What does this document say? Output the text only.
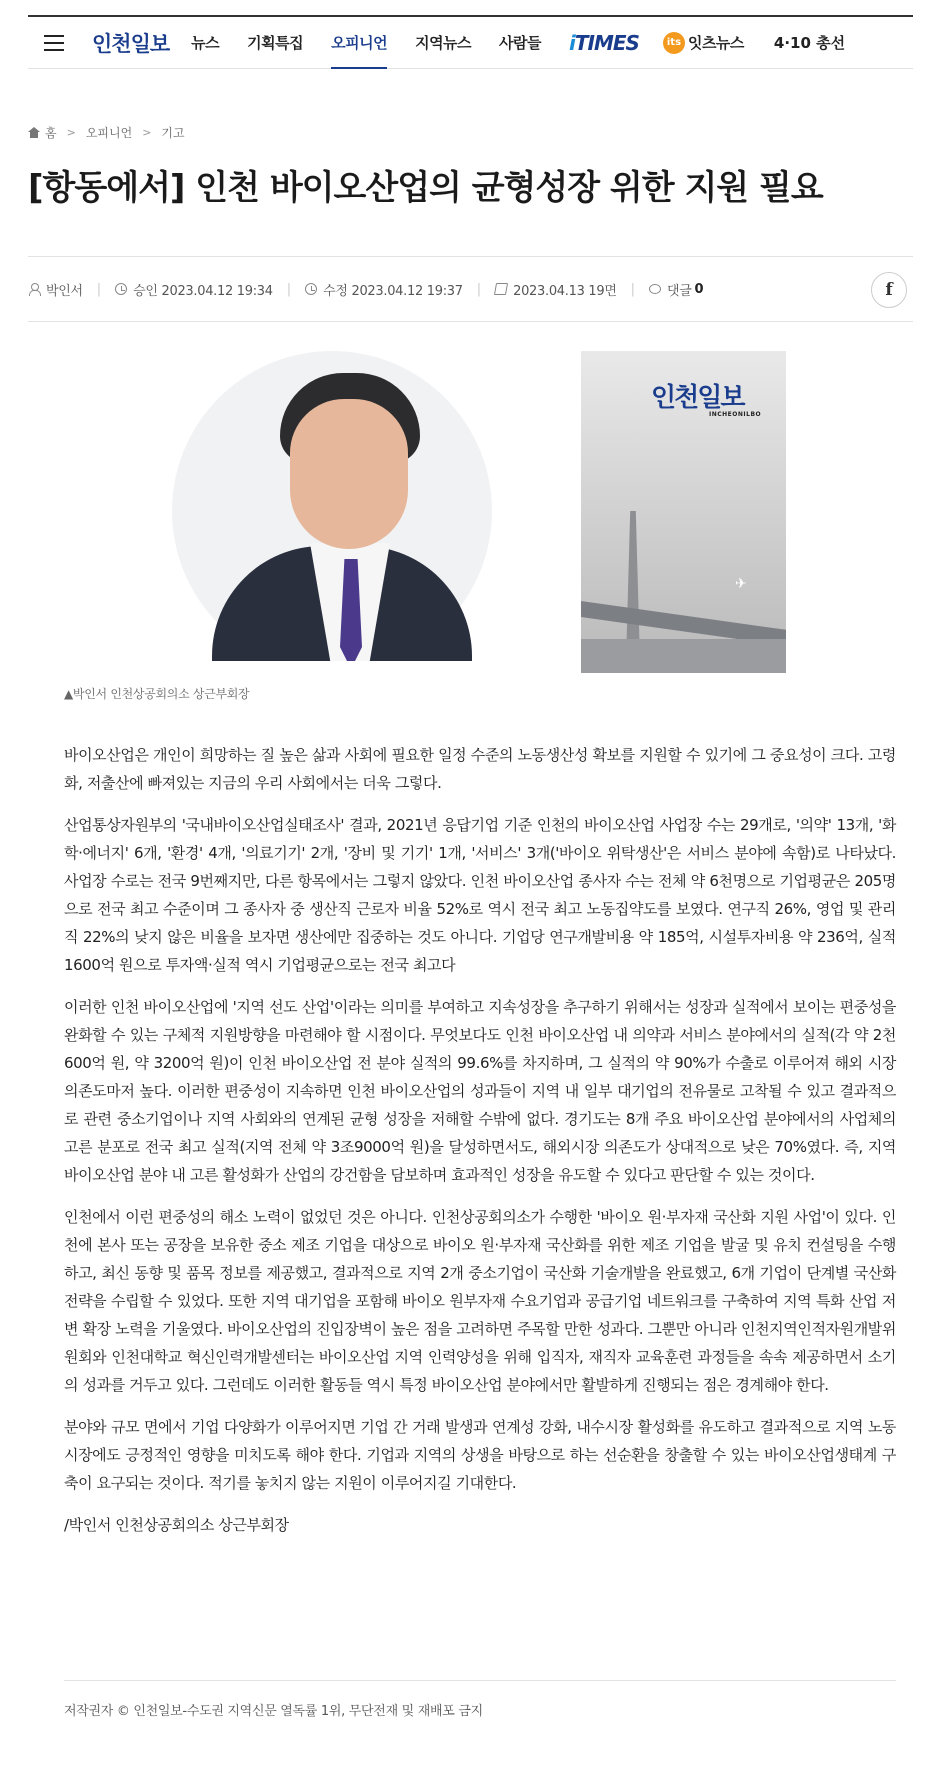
인천일보 뉴스 기획특집 오피니언 지역뉴스 사람들 iTIMES	its 잇츠뉴스 4·10 총선
홈 > 오피니언 > 기고
[항동에서] 인천 바이오산업의 균형성장 위한 지원 필요
박인서 | 승인 2023.04.12 19:34 | 수정 2023.04.12 19:37 | 2023.04.13 19면 | 댓글 0	f
인천일보
INCHEONILBO
✈
▲박인서 인천상공회의소 상근부회장

바이오산업은 개인이 희망하는 질 높은 삶과 사회에 필요한 일정 수준의 노동생산성 확보를 지원할 수 있기에 그 중요성이 크다. 고령화, 저출산에 빠져있는 지금의 우리 사회에서는 더욱 그렇다.

산업통상자원부의 '국내바이오산업실태조사' 결과, 2021년 응답기업 기준 인천의 바이오산업 사업장 수는 29개로, '의약' 13개, '화학·에너지' 6개, '환경' 4개, '의료기기' 2개, '장비 및 기기' 1개, '서비스' 3개('바이오 위탁생산'은 서비스 분야에 속함)로 나타났다. 사업장 수로는 전국 9번째지만, 다른 항목에서는 그렇지 않았다. 인천 바이오산업 종사자 수는 전체 약 6천명으로 기업평균은 205명으로 전국 최고 수준이며 그 종사자 중 생산직 근로자 비율 52%로 역시 전국 최고 노동집약도를 보였다. 연구직 26%, 영업 및 관리직 22%의 낮지 않은 비율을 보자면 생산에만 집중하는 것도 아니다. 기업당 연구개발비용 약 185억, 시설투자비용 약 236억, 실적 1600억 원으로 투자액·실적 역시 기업평균으로는 전국 최고다

이러한 인천 바이오산업에 '지역 선도 산업'이라는 의미를 부여하고 지속성장을 추구하기 위해서는 성장과 실적에서 보이는 편중성을 완화할 수 있는 구체적 지원방향을 마련해야 할 시점이다. 무엇보다도 인천 바이오산업 내 의약과 서비스 분야에서의 실적(각 약 2천600억 원, 약 3200억 원)이 인천 바이오산업 전 분야 실적의 99.6%를 차지하며, 그 실적의 약 90%가 수출로 이루어져 해외 시장 의존도마저 높다. 이러한 편중성이 지속하면 인천 바이오산업의 성과들이 지역 내 일부 대기업의 전유물로 고착될 수 있고 결과적으로 관련 중소기업이나 지역 사회와의 연계된 균형 성장을 저해할 수밖에 없다. 경기도는 8개 주요 바이오산업 분야에서의 사업체의 고른 분포로 전국 최고 실적(지역 전체 약 3조9000억 원)을 달성하면서도, 해외시장 의존도가 상대적으로 낮은 70%였다. 즉, 지역 바이오산업 분야 내 고른 활성화가 산업의 강건함을 담보하며 효과적인 성장을 유도할 수 있다고 판단할 수 있는 것이다.

인천에서 이런 편중성의 해소 노력이 없었던 것은 아니다. 인천상공회의소가 수행한 '바이오 원·부자재 국산화 지원 사업'이 있다. 인천에 본사 또는 공장을 보유한 중소 제조 기업을 대상으로 바이오 원·부자재 국산화를 위한 제조 기업을 발굴 및 유치 컨설팅을 수행하고, 최신 동향 및 품목 정보를 제공했고, 결과적으로 지역 2개 중소기업이 국산화 기술개발을 완료했고, 6개 기업이 단계별 국산화 전략을 수립할 수 있었다. 또한 지역 대기업을 포함해 바이오 원부자재 수요기업과 공급기업 네트워크를 구축하여 지역 특화 산업 저변 확장 노력을 기울였다. 바이오산업의 진입장벽이 높은 점을 고려하면 주목할 만한 성과다. 그뿐만 아니라 인천지역인적자원개발위원회와 인천대학교 혁신인력개발센터는 바이오산업 지역 인력양성을 위해 입직자, 재직자 교육훈련 과정들을 속속 제공하면서 소기의 성과를 거두고 있다. 그런데도 이러한 활동들 역시 특정 바이오산업 분야에서만 활발하게 진행되는 점은 경계해야 한다.

분야와 규모 면에서 기업 다양화가 이루어지면 기업 간 거래 발생과 연계성 강화, 내수시장 활성화를 유도하고 결과적으로 지역 노동시장에도 긍정적인 영향을 미치도록 해야 한다. 기업과 지역의 상생을 바탕으로 하는 선순환을 창출할 수 있는 바이오산업생태계 구축이 요구되는 것이다. 적기를 놓치지 않는 지원이 이루어지길 기대한다.

/박인서 인천상공회의소 상근부회장

저작권자 © 인천일보-수도권 지역신문 열독률 1위, 무단전재 및 재배포 금지
